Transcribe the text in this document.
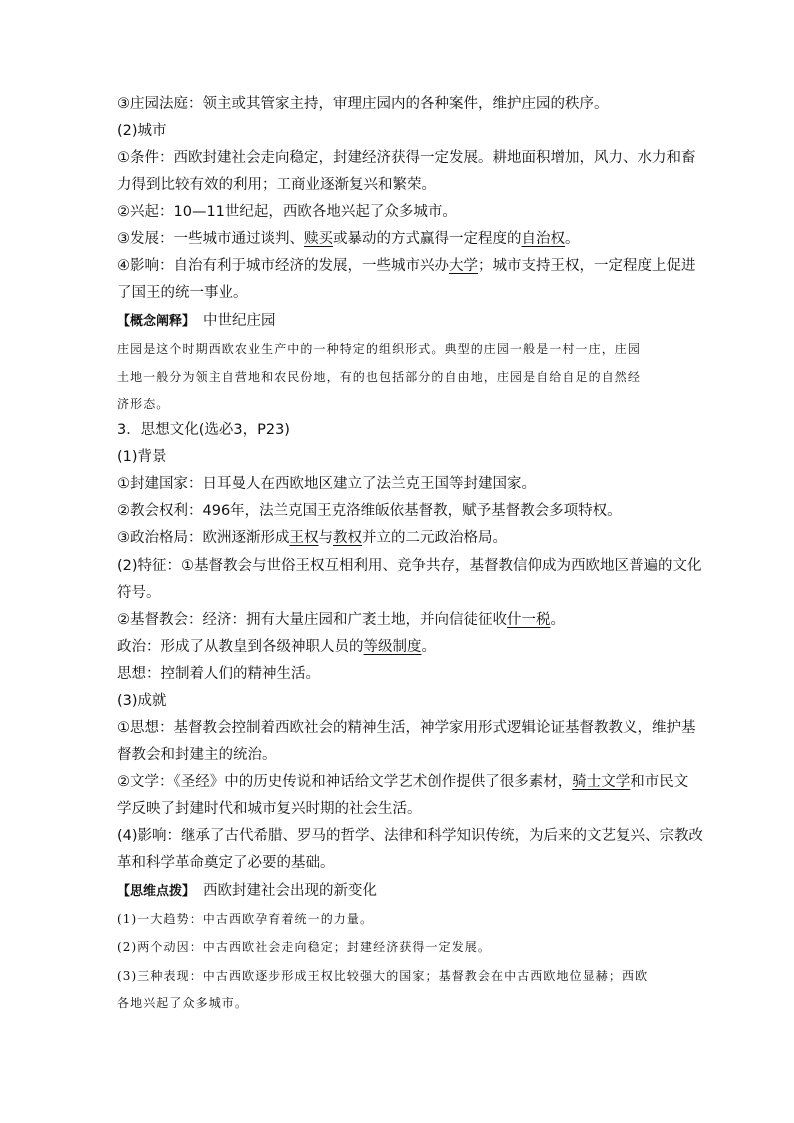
③庄园法庭：领主或其管家主持，审理庄园内的各种案件，维护庄园的秩序。
(2)城市
①条件：西欧封建社会走向稳定，封建经济获得一定发展。耕地面积增加，风力、水力和畜
力得到比较有效的利用；工商业逐渐复兴和繁荣。
②兴起：10—11世纪起，西欧各地兴起了众多城市。
③发展：一些城市通过谈判、赎买或暴动的方式赢得一定程度的自治权。
④影响：自治有利于城市经济的发展，一些城市兴办大学；城市支持王权，一定程度上促进
了国王的统一事业。
【概念阐释】 中世纪庄园
庄园是这个时期西欧农业生产中的一种特定的组织形式。典型的庄园一般是一村一庄，庄园
土地一般分为领主自营地和农民份地，有的也包括部分的自由地，庄园是自给自足的自然经
济形态。
3．思想文化(选必3，P23)
(1)背景
①封建国家：日耳曼人在西欧地区建立了法兰克王国等封建国家。
②教会权利：496年，法兰克国王克洛维皈依基督教，赋予基督教会多项特权。
③政治格局：欧洲逐渐形成王权与教权并立的二元政治格局。
(2)特征：①基督教会与世俗王权互相利用、竞争共存，基督教信仰成为西欧地区普遍的文化
符号。
②基督教会：经济：拥有大量庄园和广袤土地，并向信徒征收什一税。
政治：形成了从教皇到各级神职人员的等级制度。
思想：控制着人们的精神生活。
(3)成就
①思想：基督教会控制着西欧社会的精神生活，神学家用形式逻辑论证基督教教义，维护基
督教会和封建主的统治。
②文学：《圣经》中的历史传说和神话给文学艺术创作提供了很多素材，骑士文学和市民文
学反映了封建时代和城市复兴时期的社会生活。
(4)影响：继承了古代希腊、罗马的哲学、法律和科学知识传统，为后来的文艺复兴、宗教改
革和科学革命奠定了必要的基础。
【思维点拨】 西欧封建社会出现的新变化
(1)一大趋势：中古西欧孕育着统一的力量。
(2)两个动因：中古西欧社会走向稳定；封建经济获得一定发展。
(3)三种表现：中古西欧逐步形成王权比较强大的国家；基督教会在中古西欧地位显赫；西欧
各地兴起了众多城市。
